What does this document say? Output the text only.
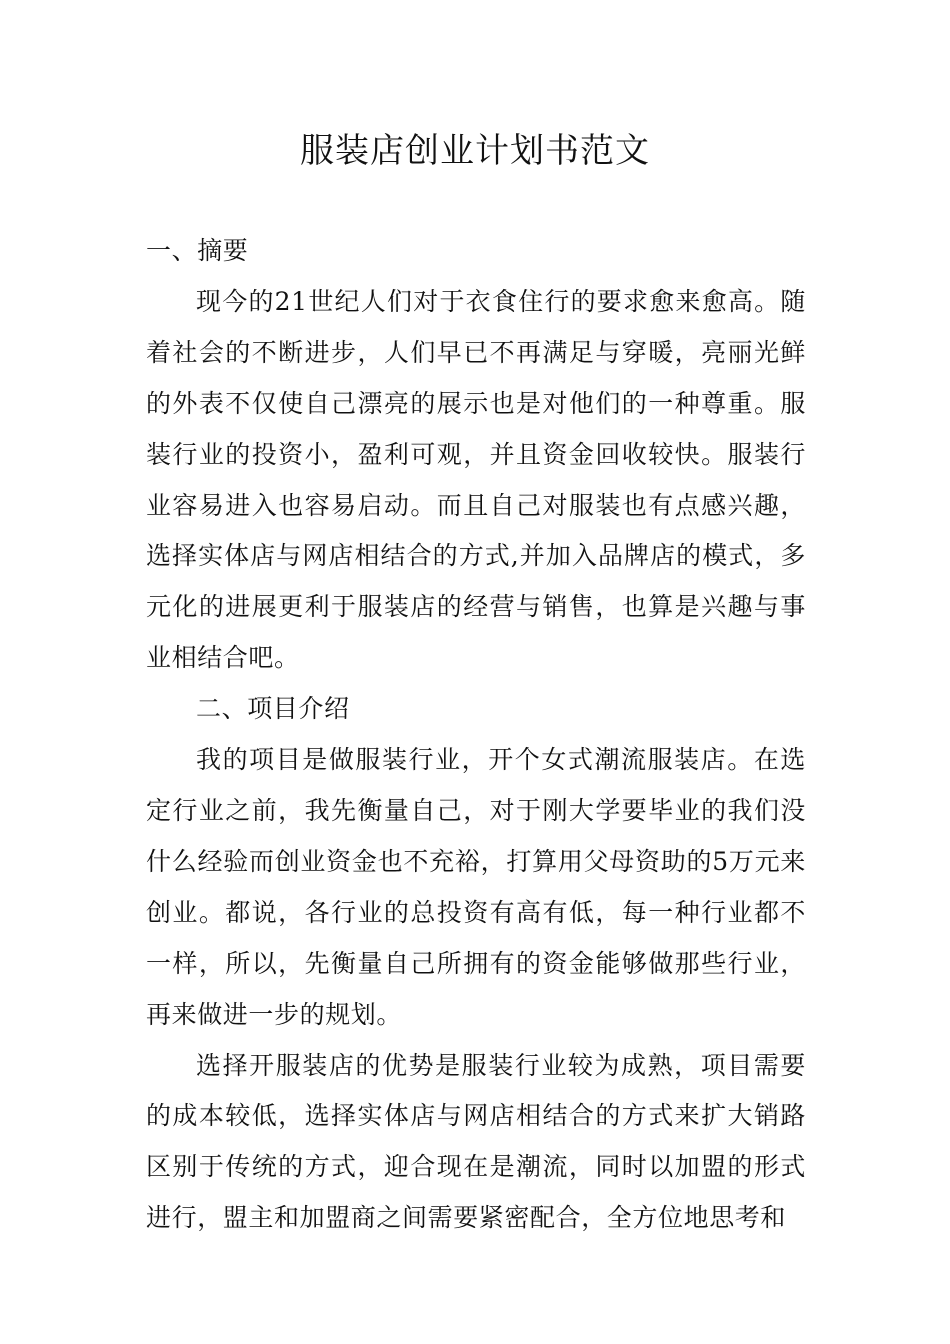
服装店创业计划书范文

一、摘要

现今的21世纪人们对于衣食住行的要求愈来愈高。随着社会的不断进步，人们早已不再满足与穿暖，亮丽光鲜的外表不仅使自己漂亮的展示也是对他们的一种尊重。服装行业的投资小，盈利可观，并且资金回收较快。服装行业容易进入也容易启动。而且自己对服装也有点感兴趣，选择实体店与网店相结合的方式,并加入品牌店的模式，多元化的进展更利于服装店的经营与销售，也算是兴趣与事业相结合吧。

二、项目介绍

我的项目是做服装行业，开个女式潮流服装店。在选定行业之前，我先衡量自己，对于刚大学要毕业的我们没什么经验而创业资金也不充裕，打算用父母资助的5万元来创业。都说，各行业的总投资有高有低，每一种行业都不一样，所以，先衡量自己所拥有的资金能够做那些行业，再来做进一步的规划。

选择开服装店的优势是服装行业较为成熟，项目需要的成本较低，选择实体店与网店相结合的方式来扩大销路区别于传统的方式，迎合现在是潮流，同时以加盟的形式进行，盟主和加盟商之间需要紧密配合，全方位地思考和
